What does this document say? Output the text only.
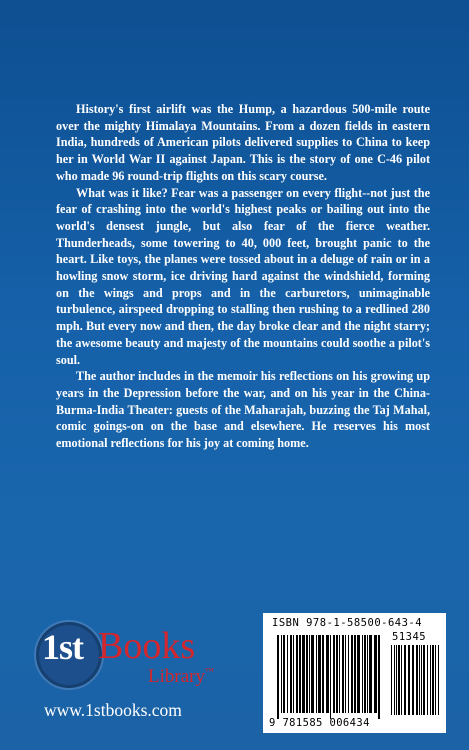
History's first airlift was the Hump, a hazardous 500-mile route over the mighty Himalaya Mountains. From a dozen fields in eastern India, hundreds of American pilots delivered supplies to China to keep her in World War II against Japan. This is the story of one C-46 pilot who made 96 round-trip flights on this scary course.

What was it like? Fear was a passenger on every flight--not just the fear of crashing into the world's highest peaks or bailing out into the world's densest jungle, but also fear of the fierce weather. Thunderheads, some towering to 40, 000 feet, brought panic to the heart. Like toys, the planes were tossed about in a deluge of rain or in a howling snow storm, ice driving hard against the windshield, forming on the wings and props and in the carburetors, unimaginable turbulence, airspeed dropping to stalling then rushing to a redlined 280 mph. But every now and then, the day broke clear and the night starry; the awesome beauty and majesty of the mountains could soothe a pilot's soul.

The author includes in the memoir his reflections on his growing up years in the Depression before the war, and on his year in the China-Burma-India Theater: guests of the Maharajah, buzzing the Taj Mahal, comic goings-on on the base and elsewhere. He reserves his most emotional reflections for his joy at coming home.

1st Books
Library™
www.1stbooks.com
ISBN 978-1-58500-643-4
51345
9 781585 006434
